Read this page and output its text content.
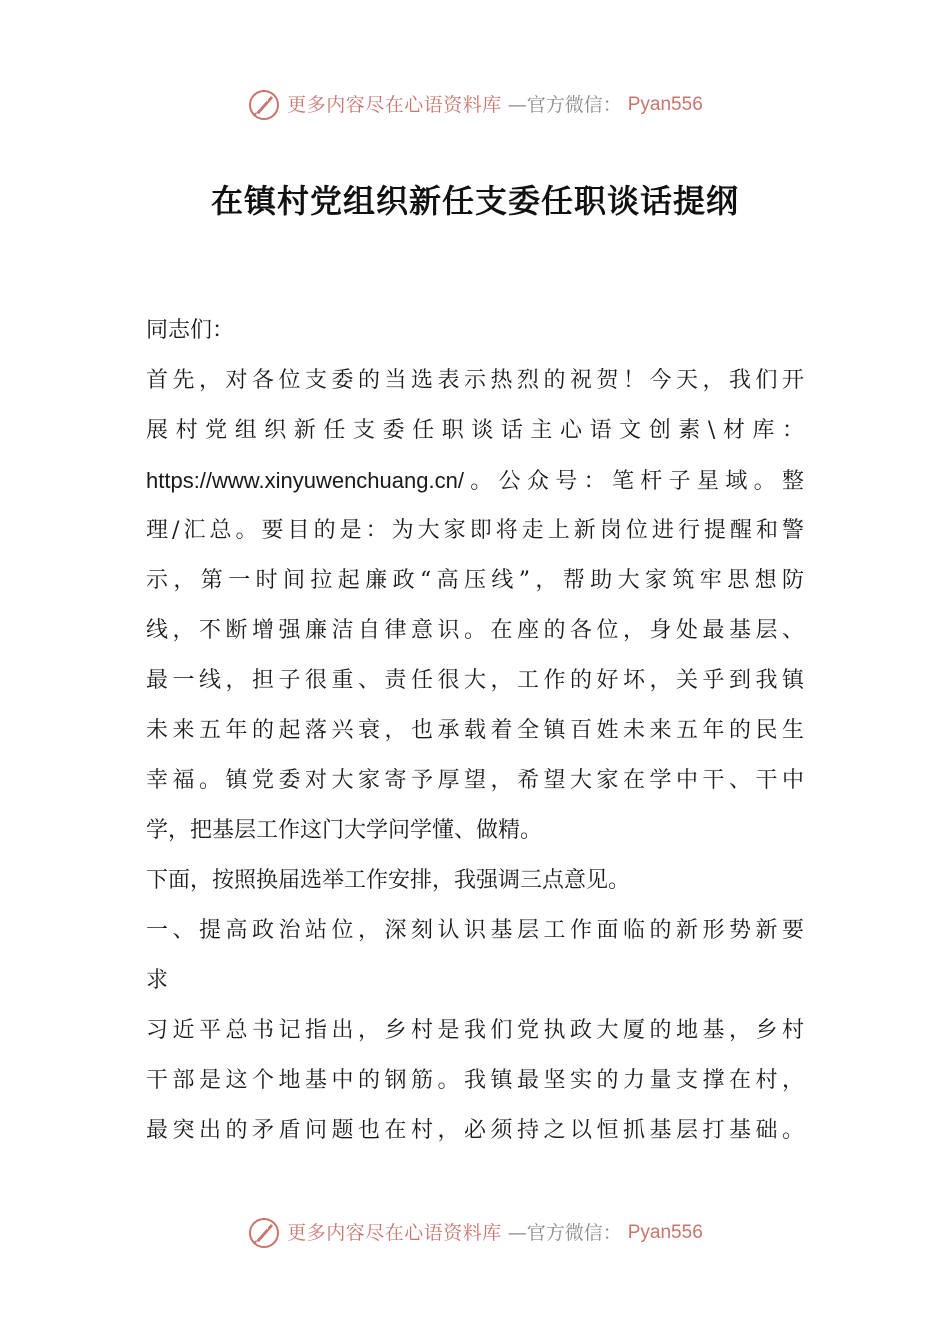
更多内容尽在心语资料库 —官方微信： Pyan556
在镇村党组织新任支委任职谈话提纲
同志们：
首先，对各位支委的当选表示热烈的祝贺！今天，我们开
展村党组织新任支委任职谈话主心语文创素\材库：
https://www.xinyuwenchuang.cn/。公众号：笔杆子星域。整
理/汇总。要目的是：为大家即将走上新岗位进行提醒和警
示，第一时间拉起廉政“高压线”，帮助大家筑牢思想防
线，不断增强廉洁自律意识。在座的各位，身处最基层、
最一线，担子很重、责任很大，工作的好坏，关乎到我镇
未来五年的起落兴衰，也承载着全镇百姓未来五年的民生
幸福。镇党委对大家寄予厚望，希望大家在学中干、干中
学，把基层工作这门大学问学懂、做精。
下面，按照换届选举工作安排，我强调三点意见。
一、提高政治站位，深刻认识基层工作面临的新形势新要
求
习近平总书记指出，乡村是我们党执政大厦的地基，乡村
干部是这个地基中的钢筋。我镇最坚实的力量支撑在村，
最突出的矛盾问题也在村，必须持之以恒抓基层打基础。
更多内容尽在心语资料库 —官方微信： Pyan556
